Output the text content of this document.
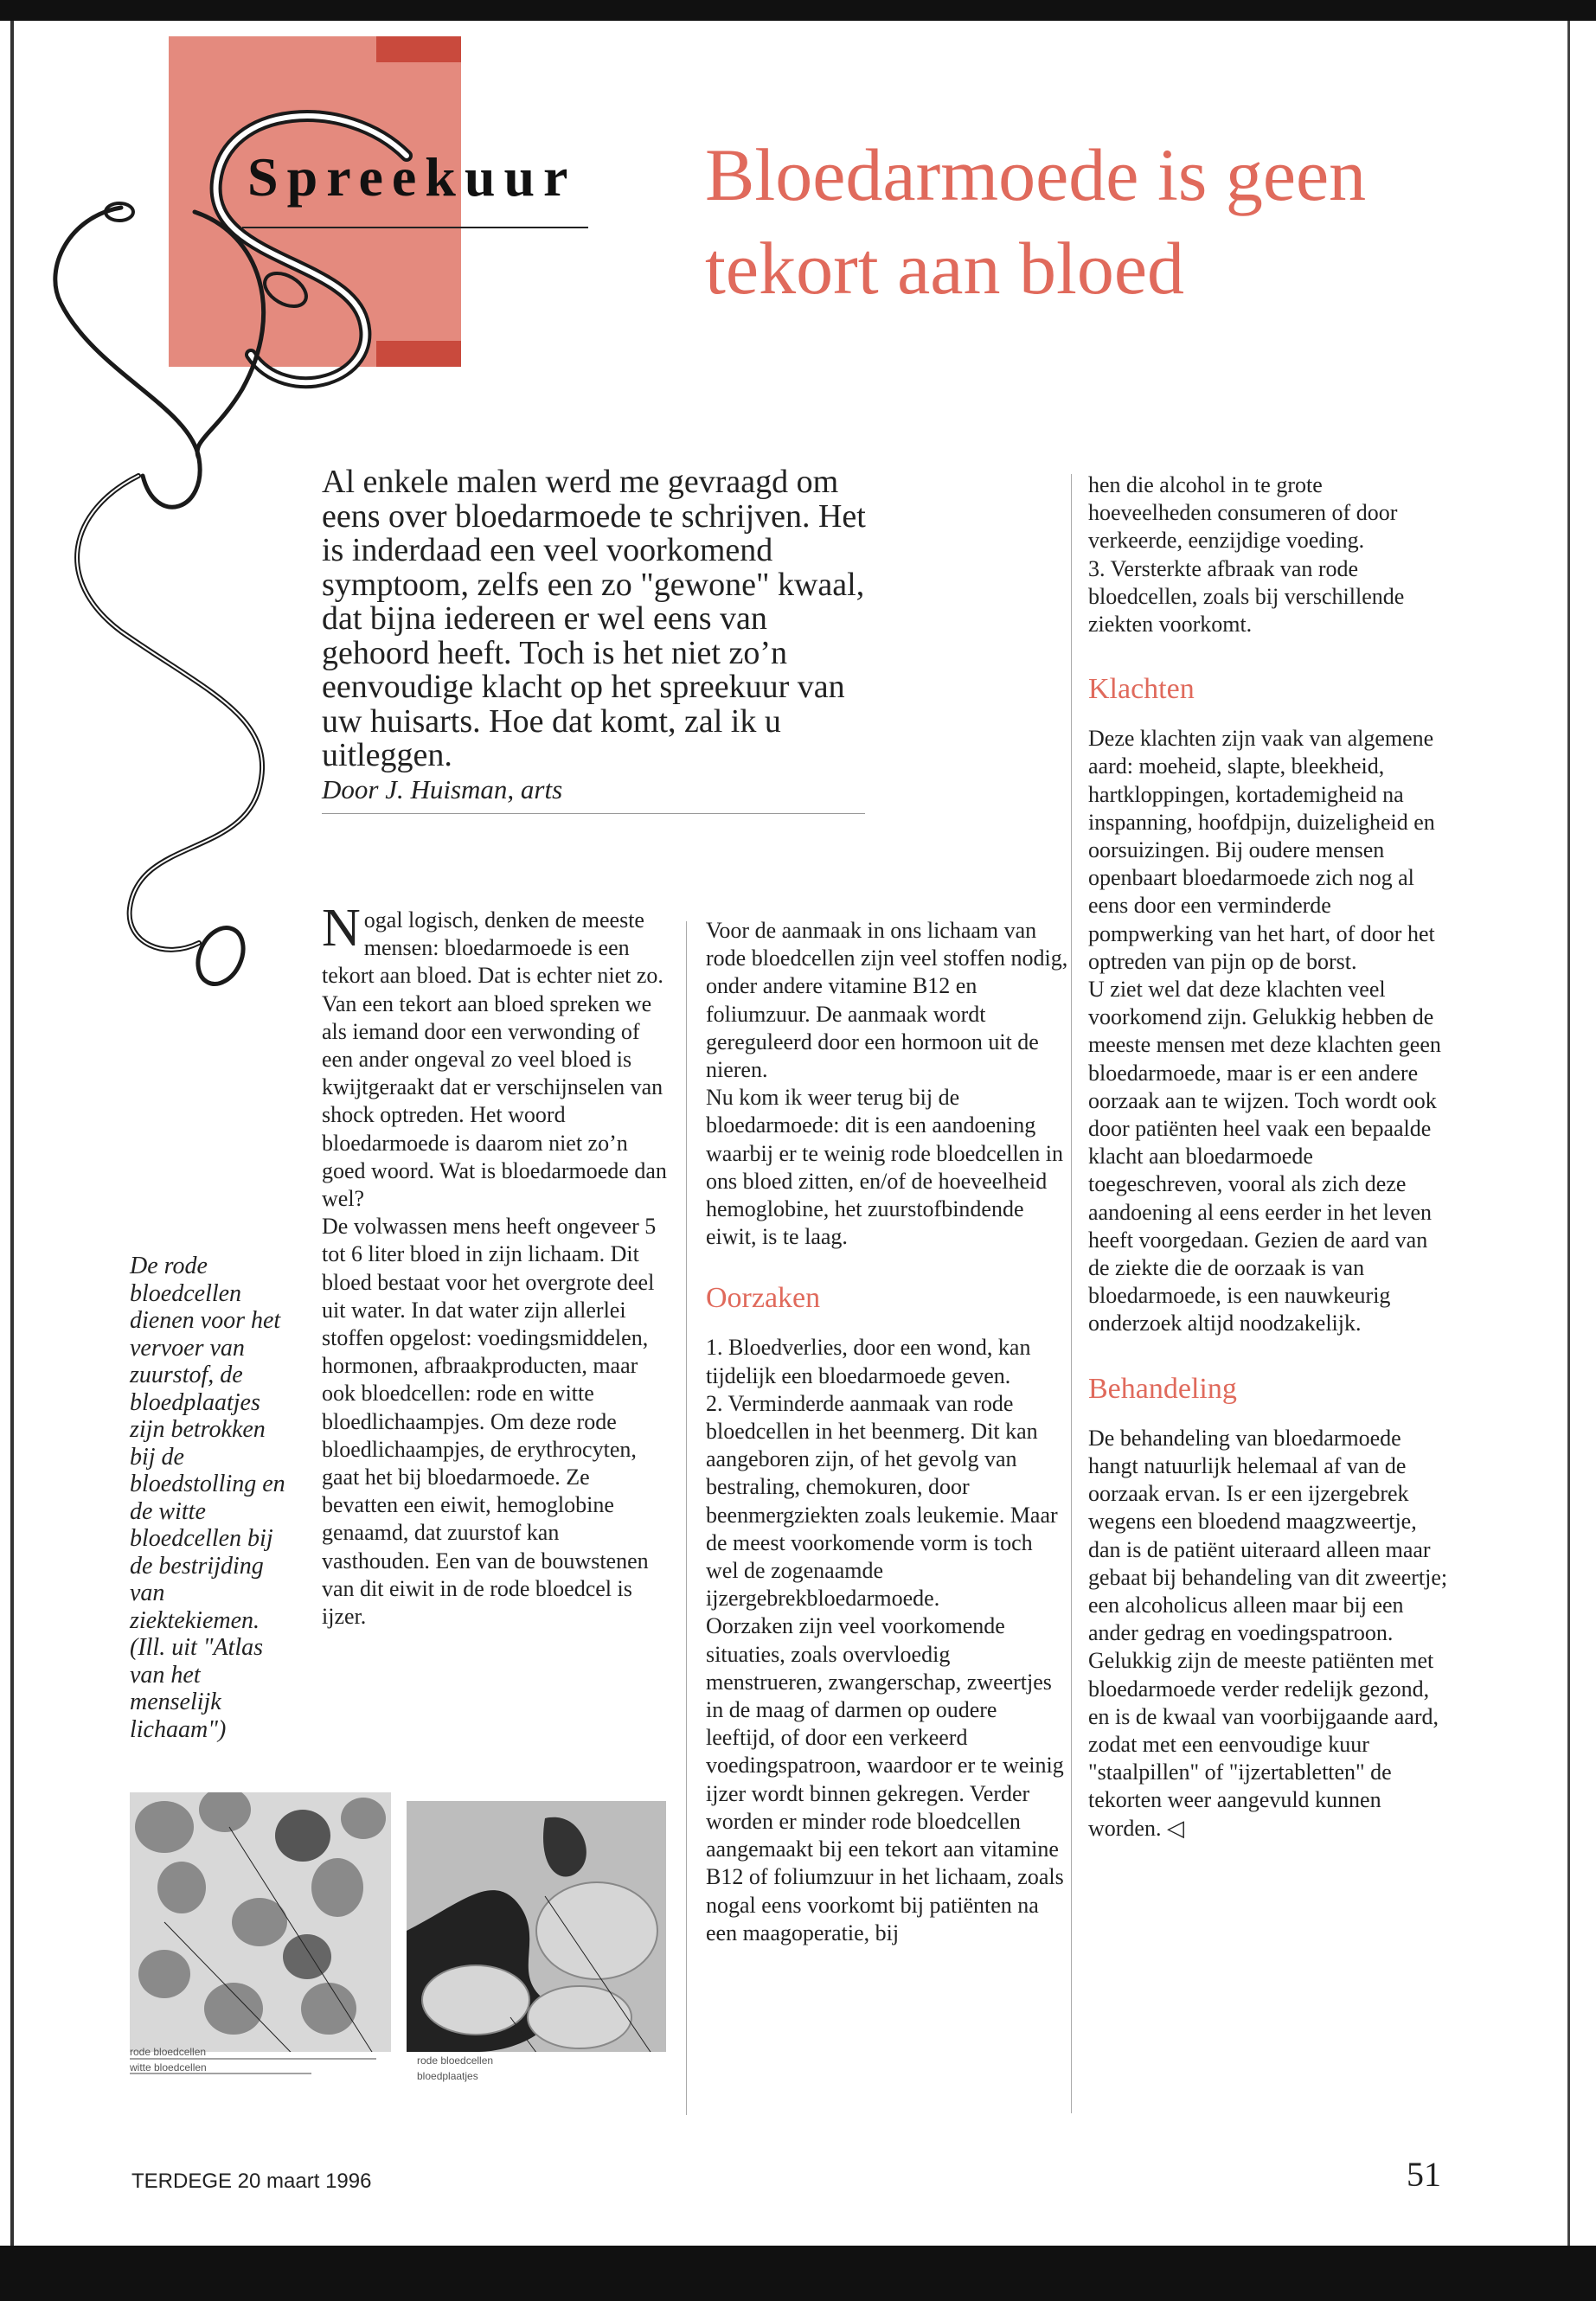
Spreekuur Bloedarmoede is geen tekort aan bloed
Al enkele malen werd me gevraagd om eens over bloedarmoede te schrijven. Het is inderdaad een veel voorkomend symptoom, zelfs een zo "gewone" kwaal, dat bijna iedereen er wel eens van gehoord heeft. Toch is het niet zo’n eenvoudige klacht op het spreekuur van uw huisarts. Hoe dat komt, zal ik u uitleggen.
Door J. Huisman, arts
De rode bloedcellen dienen voor het vervoer van zuurstof, de bloedplaatjes zijn betrokken bij de bloedstolling en de witte bloedcellen bij de bestrijding van ziektekiemen. (Ill. uit "Atlas van het menselijk lichaam")

Nogal logisch, denken de meeste mensen: bloedarmoede is een tekort aan bloed. Dat is echter niet zo. Van een tekort aan bloed spreken we als iemand door een verwonding of een ander ongeval zo veel bloed is kwijtgeraakt dat er verschijnselen van shock optreden. Het woord bloedarmoede is daarom niet zo’n goed woord. Wat is bloedarmoede dan wel?

De volwassen mens heeft ongeveer 5 tot 6 liter bloed in zijn lichaam. Dit bloed bestaat voor het overgrote deel uit water. In dat water zijn allerlei stoffen opgelost: voedingsmiddelen, hormonen, afbraakproducten, maar ook bloedcellen: rode en witte bloedlichaampjes. Om deze rode bloedlichaampjes, de erythrocyten, gaat het bij bloedarmoede. Ze bevatten een eiwit, hemoglobine genaamd, dat zuurstof kan vasthouden. Een van de bouwstenen van dit eiwit in de rode bloedcel is ijzer.

Voor de aanmaak in ons lichaam van rode bloedcellen zijn veel stoffen nodig, onder andere vitamine B12 en foliumzuur. De aanmaak wordt gereguleerd door een hormoon uit de nieren.

Nu kom ik weer terug bij de bloedarmoede: dit is een aandoening waarbij er te weinig rode bloedcellen in ons bloed zitten, en/of de hoeveelheid hemoglobine, het zuurstofbindende eiwit, is te laag.

Oorzaken

1. Bloedverlies, door een wond, kan tijdelijk een bloedarmoede geven.

2. Verminderde aanmaak van rode bloedcellen in het beenmerg. Dit kan aangeboren zijn, of het gevolg van bestraling, chemokuren, door beenmergziekten zoals leukemie. Maar de meest voorkomende vorm is toch wel de zogenaamde ijzergebrekbloedarmoede.

Oorzaken zijn veel voorkomende situaties, zoals overvloedig menstrueren, zwangerschap, zweertjes in de maag of darmen op oudere leeftijd, of door een verkeerd voedingspatroon, waardoor er te weinig ijzer wordt binnen gekregen. Verder worden er minder rode bloedcellen aangemaakt bij een tekort aan vitamine B12 of foliumzuur in het lichaam, zoals nogal eens voorkomt bij patiënten na een maagoperatie, bij

hen die alcohol in te grote hoeveelheden consumeren of door verkeerde, eenzijdige voeding.

3. Versterkte afbraak van rode bloedcellen, zoals bij verschillende ziekten voorkomt.

Klachten

Deze klachten zijn vaak van algemene aard: moeheid, slapte, bleekheid, hartkloppingen, kortademigheid na inspanning, hoofdpijn, duizeligheid en oorsuizingen. Bij oudere mensen openbaart bloedarmoede zich nog al eens door een verminderde pompwerking van het hart, of door het optreden van pijn op de borst.

U ziet wel dat deze klachten veel voorkomend zijn. Gelukkig hebben de meeste mensen met deze klachten geen bloedarmoede, maar is er een andere oorzaak aan te wijzen. Toch wordt ook door patiënten heel vaak een bepaalde klacht aan bloedarmoede toegeschreven, vooral als zich deze aandoening al eens eerder in het leven heeft voorgedaan. Gezien de aard van de ziekte die de oorzaak is van bloedarmoede, is een nauwkeurig onderzoek altijd noodzakelijk.

Behandeling

De behandeling van bloedarmoede hangt natuurlijk helemaal af van de oorzaak ervan. Is er een ijzergebrek wegens een bloedend maagzweertje, dan is de patiënt uiteraard alleen maar gebaat bij behandeling van dit zweertje; een alcoholicus alleen maar bij een ander gedrag en voedingspatroon.

Gelukkig zijn de meeste patiënten met bloedarmoede verder redelijk gezond, en is de kwaal van voorbijgaande aard, zodat met een eenvoudige kuur "staalpillen" of "ijzertabletten" de tekorten weer aangevuld kunnen worden. ◁

rode bloedcellen
witte bloedcellen
rode bloedcellen
bloedplaatjes
TERDEGE 20 maart 1996	51
